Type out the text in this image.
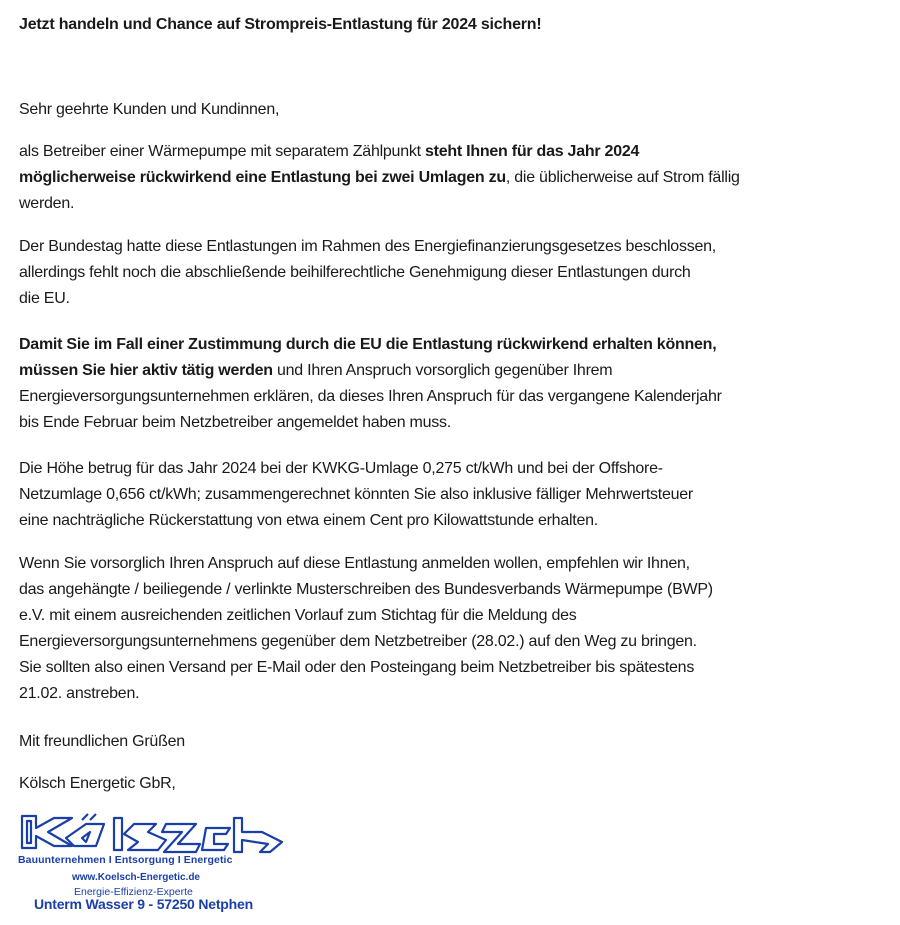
Jetzt handeln und Chance auf Strompreis-Entlastung für 2024 sichern!
Sehr geehrte Kunden und Kundinnen,
als Betreiber einer Wärmepumpe mit separatem Zählpunkt steht Ihnen für das Jahr 2024
möglicherweise rückwirkend eine Entlastung bei zwei Umlagen zu, die üblicherweise auf Strom fällig
werden.
Der Bundestag hatte diese Entlastungen im Rahmen des Energiefinanzierungsgesetzes beschlossen,
allerdings fehlt noch die abschließende beihilferechtliche Genehmigung dieser Entlastungen durch
die EU.
Damit Sie im Fall einer Zustimmung durch die EU die Entlastung rückwirkend erhalten können,
müssen Sie hier aktiv tätig werden und Ihren Anspruch vorsorglich gegenüber Ihrem
Energieversorgungsunternehmen erklären, da dieses Ihren Anspruch für das vergangene Kalenderjahr
bis Ende Februar beim Netzbetreiber angemeldet haben muss.
Die Höhe betrug für das Jahr 2024 bei der KWKG-Umlage 0,275 ct/kWh und bei der Offshore-
Netzumlage 0,656 ct/kWh; zusammengerechnet könnten Sie also inklusive fälliger Mehrwertsteuer
eine nachträgliche Rückerstattung von etwa einem Cent pro Kilowattstunde erhalten.
Wenn Sie vorsorglich Ihren Anspruch auf diese Entlastung anmelden wollen, empfehlen wir Ihnen,
das angehängte / beiliegende / verlinkte Musterschreiben des Bundesverbands Wärmepumpe (BWP)
e.V. mit einem ausreichenden zeitlichen Vorlauf zum Stichtag für die Meldung des
Energieversorgungsunternehmens gegenüber dem Netzbetreiber (28.02.) auf den Weg zu bringen.
Sie sollten also einen Versand per E-Mail oder den Posteingang beim Netzbetreiber bis spätestens
21.02. anstreben.
Mit freundlichen Grüßen
Kölsch Energetic GbR,
Bauunternehmen I Entsorgung I Energetic
www.Koelsch-Energetic.de
Energie-Effizienz-Experte
Unterm Wasser 9 - 57250 Netphen
